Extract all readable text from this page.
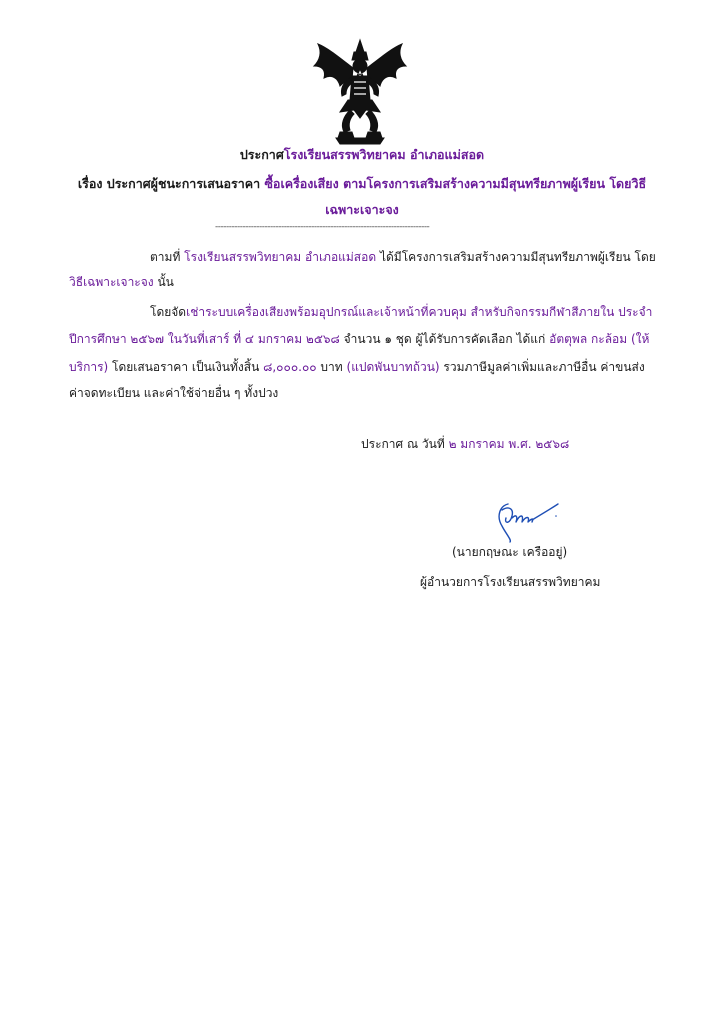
ประกาศโรงเรียนสรรพวิทยาคม อำเภอแม่สอด
เรื่อง ประกาศผู้ชนะการเสนอราคา ซื้อเครื่องเสียง ตามโครงการเสริมสร้างความมีสุนทรียภาพผู้เรียน โดยวิธี
เฉพาะเจาะจง
------------------------------------------------------------------------------
ตามที่ โรงเรียนสรรพวิทยาคม อำเภอแม่สอด ได้มีโครงการเสริมสร้างความมีสุนทรียภาพผู้เรียน โดย
วิธีเฉพาะเจาะจง นั้น
โดยจัดเช่าระบบเครื่องเสียงพร้อมอุปกรณ์และเจ้าหน้าที่ควบคุม สำหรับกิจกรรมกีฬาสีภายใน ประจำ
ปีการศึกษา ๒๕๖๗ ในวันที่เสาร์ ที่ ๔ มกราคม ๒๕๖๘ จำนวน ๑ ชุด ผู้ได้รับการคัดเลือก ได้แก่ อัตตุพล กะล้อม (ให้
บริการ) โดยเสนอราคา เป็นเงินทั้งสิ้น ๘,๐๐๐.๐๐ บาท (แปดพันบาทถ้วน) รวมภาษีมูลค่าเพิ่มและภาษีอื่น ค่าขนส่ง
ค่าจดทะเบียน และค่าใช้จ่ายอื่น ๆ ทั้งปวง
ประกาศ ณ วันที่ ๒ มกราคม พ.ศ. ๒๕๖๘
(นายกฤษณะ เครืออยู่)
ผู้อำนวยการโรงเรียนสรรพวิทยาคม
